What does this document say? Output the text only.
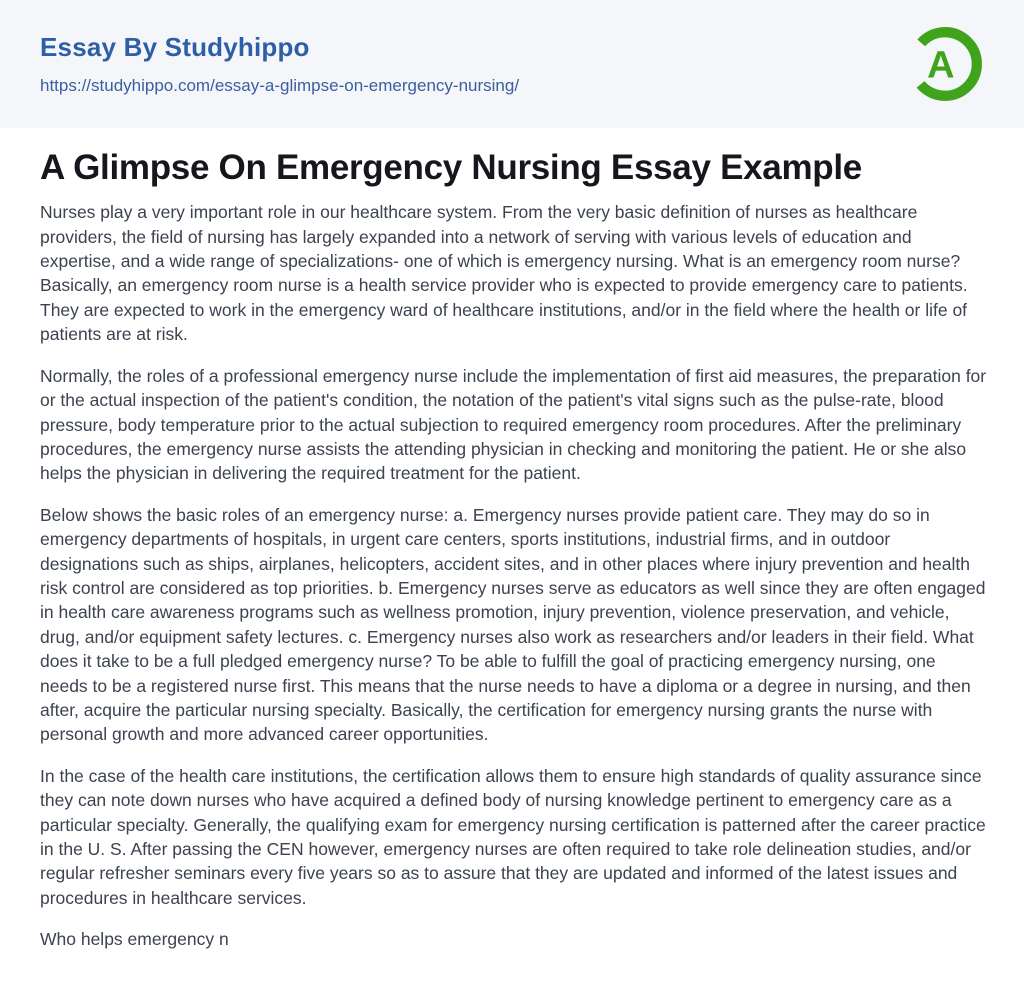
Essay By Studyhippo
https://studyhippo.com/essay-a-glimpse-on-emergency-nursing/	A
A Glimpse On Emergency Nursing Essay Example

Nurses play a very important role in our healthcare system. From the very basic definition of nurses as healthcare providers, the field of nursing has largely expanded into a network of serving with various levels of education and expertise, and a wide range of specializations- one of which is emergency nursing. What is an emergency room nurse? Basically, an emergency room nurse is a health service provider who is expected to provide emergency care to patients. They are expected to work in the emergency ward of healthcare institutions, and/or in the field where the health or life of patients are at risk.

Normally, the roles of a professional emergency nurse include the implementation of first aid measures, the preparation for or the actual inspection of the patient's condition, the notation of the patient's vital signs such as the pulse-rate, blood pressure, body temperature prior to the actual subjection to required emergency room procedures. After the preliminary procedures, the emergency nurse assists the attending physician in checking and monitoring the patient. He or she also helps the physician in delivering the required treatment for the patient.

Below shows the basic roles of an emergency nurse: a. Emergency nurses provide patient care. They may do so in emergency departments of hospitals, in urgent care centers, sports institutions, industrial firms, and in outdoor designations such as ships, airplanes, helicopters, accident sites, and in other places where injury prevention and health risk control are considered as top priorities. b. Emergency nurses serve as educators as well since they are often engaged in health care awareness programs such as wellness promotion, injury prevention, violence preservation, and vehicle, drug, and/or equipment safety lectures. c. Emergency nurses also work as researchers and/or leaders in their field. What does it take to be a full pledged emergency nurse? To be able to fulfill the goal of practicing emergency nursing, one needs to be a registered nurse first. This means that the nurse needs to have a diploma or a degree in nursing, and then after, acquire the particular nursing specialty. Basically, the certification for emergency nursing grants the nurse with personal growth and more advanced career opportunities.

In the case of the health care institutions, the certification allows them to ensure high standards of quality assurance since they can note down nurses who have acquired a defined body of nursing knowledge pertinent to emergency care as a particular specialty. Generally, the qualifying exam for emergency nursing certification is patterned after the career practice in the U. S. After passing the CEN however, emergency nurses are often required to take role delineation studies, and/or regular refresher seminars every five years so as to assure that they are updated and informed of the latest issues and procedures in healthcare services.

Who helps emergency n
